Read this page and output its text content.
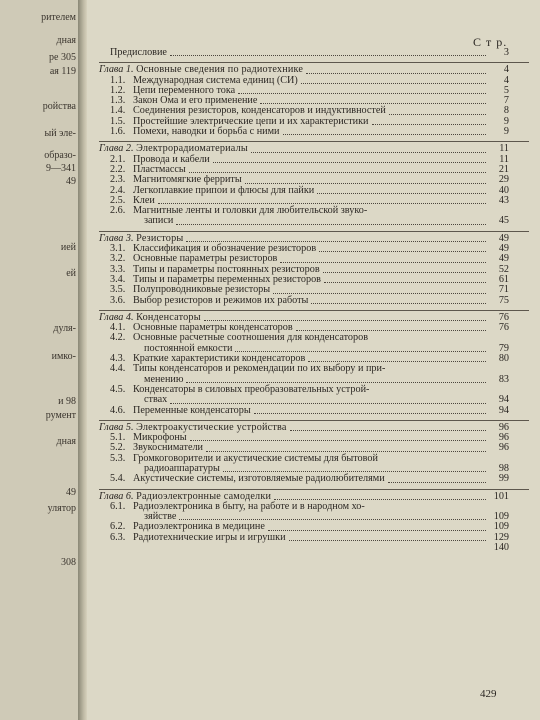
рителем
дная
ре 305
ая 119
ройства
ый эле-
образо-
9—341
49
ией
ей
дуля-
имко-
и 98
румент
дная
49
улятор
308
С т р.
Предисловие	3
Глава 1. Основные сведения по радиотехнике	4
1.1. Международная система единиц (СИ)	4
1.2. Цепи переменного тока	5
1.3. Закон Ома и его применение	7
1.4. Соединения резисторов, конденсаторов и индуктивностей	8
1.5. Простейшие электрические цепи и их характеристики	9
1.6. Помехи, наводки и борьба с ними	9
Глава 2. Электрорадиоматериалы	11
2.1. Провода и кабели	11
2.2. Пластмассы	21
2.3. Магнитомягкие ферриты	29
2.4. Легкоплавкие припои и флюсы для пайки	40
2.5. Клеи	43
2.6. Магнитные ленты и головки для любительской звуко-
записи	45
Глава 3. Резисторы	49
3.1. Классификация и обозначение резисторов	49
3.2. Основные параметры резисторов	49
3.3. Типы и параметры постоянных резисторов	52
3.4. Типы и параметры переменных резисторов	61
3.5. Полупроводниковые резисторы	71
3.6. Выбор резисторов и режимов их работы	75
Глава 4. Конденсаторы	76
4.1. Основные параметры конденсаторов	76
4.2. Основные расчетные соотношения для конденсаторов
постоянной емкости	79
4.3. Краткие характеристики конденсаторов	80
4.4. Типы конденсаторов и рекомендации по их выбору и при-
менению	83
4.5. Конденсаторы в силовых преобразовательных устрой-
ствах	94
4.6. Переменные конденсаторы	94
Глава 5. Электроакустические устройства	96
5.1. Микрофоны	96
5.2. Звукосниматели	96
5.3. Громкоговорители и акустические системы для бытовой
радиоаппаратуры	98
5.4. Акустические системы, изготовляемые радиолюбителями	99
Глава 6. Радиоэлектронные самоделки	101
6.1. Радиоэлектроника в быту, на работе и в народном хо-
зяйстве	109
6.2. Радиоэлектроника в медицине	109
6.3. Радиотехнические игры и игрушки	129
140
429
